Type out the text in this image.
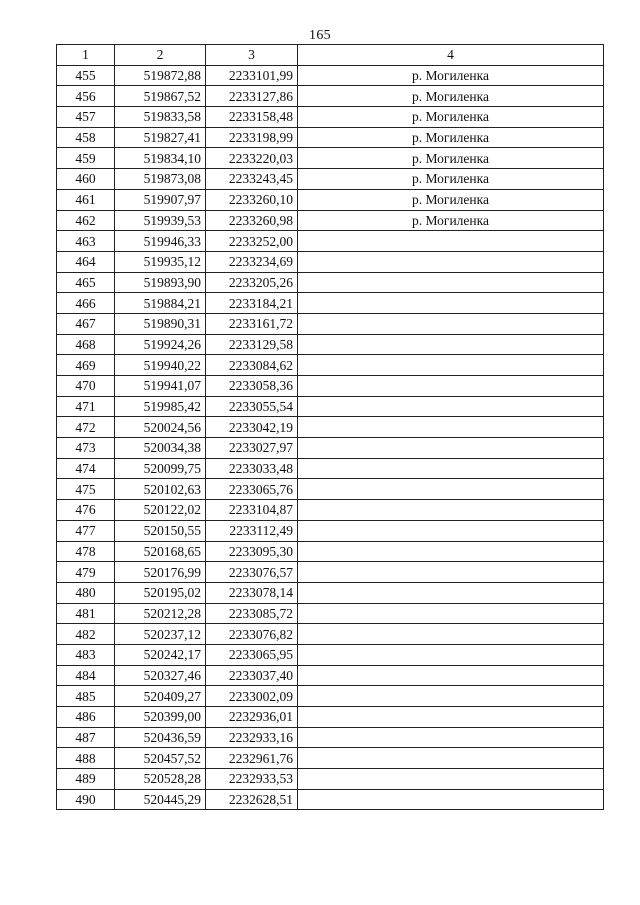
165
1	2	3	4
455	519872,88	2233101,99	р. Могиленка
456	519867,52	2233127,86	р. Могиленка
457	519833,58	2233158,48	р. Могиленка
458	519827,41	2233198,99	р. Могиленка
459	519834,10	2233220,03	р. Могиленка
460	519873,08	2233243,45	р. Могиленка
461	519907,97	2233260,10	р. Могиленка
462	519939,53	2233260,98	р. Могиленка
463	519946,33	2233252,00	
464	519935,12	2233234,69	
465	519893,90	2233205,26	
466	519884,21	2233184,21	
467	519890,31	2233161,72	
468	519924,26	2233129,58	
469	519940,22	2233084,62	
470	519941,07	2233058,36	
471	519985,42	2233055,54	
472	520024,56	2233042,19	
473	520034,38	2233027,97	
474	520099,75	2233033,48	
475	520102,63	2233065,76	
476	520122,02	2233104,87	
477	520150,55	2233112,49	
478	520168,65	2233095,30	
479	520176,99	2233076,57	
480	520195,02	2233078,14	
481	520212,28	2233085,72	
482	520237,12	2233076,82	
483	520242,17	2233065,95	
484	520327,46	2233037,40	
485	520409,27	2233002,09	
486	520399,00	2232936,01	
487	520436,59	2232933,16	
488	520457,52	2232961,76	
489	520528,28	2232933,53	
490	520445,29	2232628,51	
